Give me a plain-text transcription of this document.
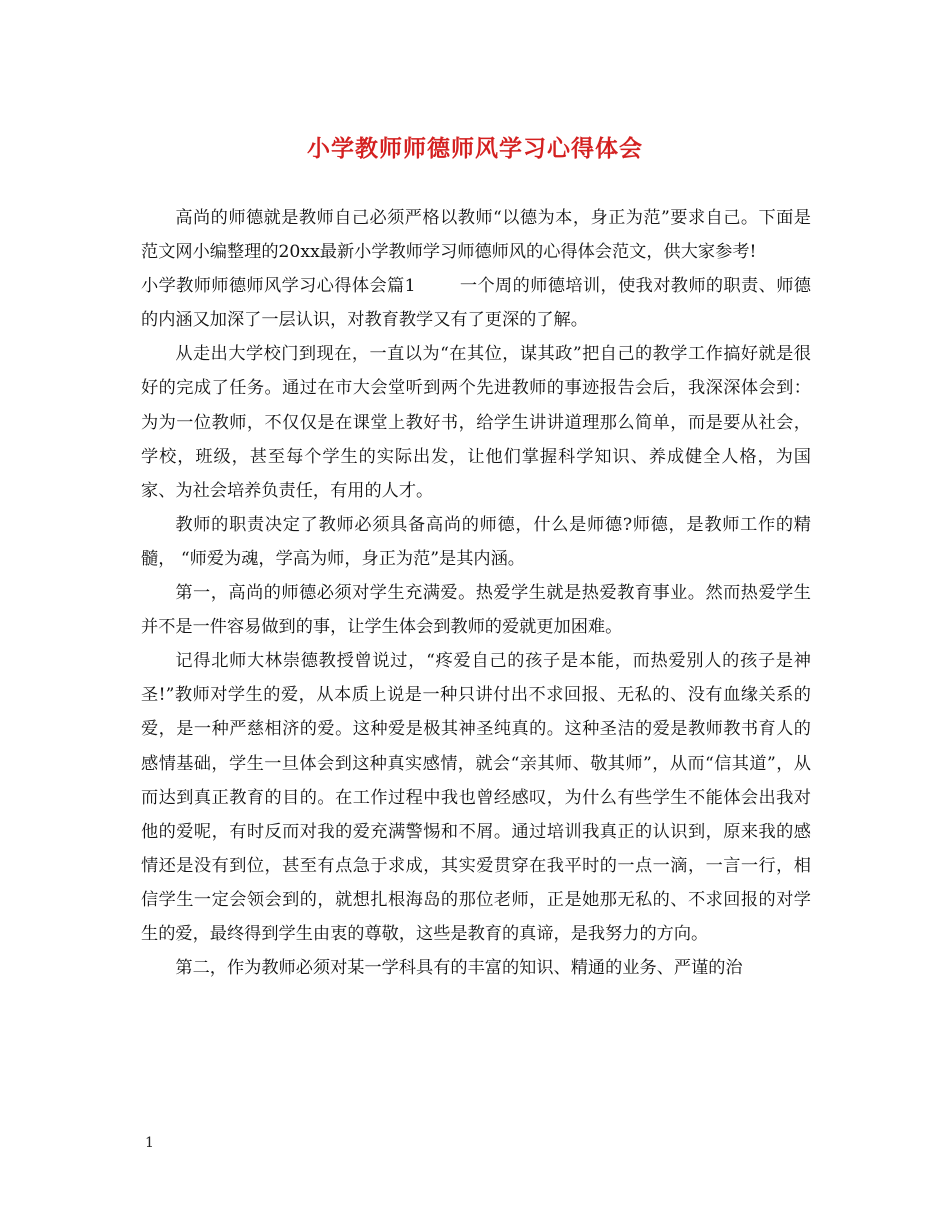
小学教师师德师风学习心得体会

高尚的师德就是教师自己必须严格以教师“以德为本，身正为范”要求自己。下面是范文网小编整理的20xx最新小学教师学习师德师风的心得体会范文，供大家参考!

小学教师师德师风学习心得体会篇1	一个周的师德培训，使我对教师的职责、师德的内涵又加深了一层认识，对教育教学又有了更深的了解。

从走出大学校门到现在，一直以为“在其位，谋其政”把自己的教学工作搞好就是很好的完成了任务。通过在市大会堂听到两个先进教师的事迹报告会后，我深深体会到：为为一位教师，不仅仅是在课堂上教好书，给学生讲讲道理那么简单，而是要从社会，学校，班级，甚至每个学生的实际出发，让他们掌握科学知识、养成健全人格，为国家、为社会培养负责任，有用的人才。

教师的职责决定了教师必须具备高尚的师德，什么是师德?师德，是教师工作的精髓， “师爱为魂，学高为师，身正为范”是其内涵。

第一，高尚的师德必须对学生充满爱。热爱学生就是热爱教育事业。然而热爱学生并不是一件容易做到的事，让学生体会到教师的爱就更加困难。

记得北师大林崇德教授曾说过，“疼爱自己的孩子是本能，而热爱别人的孩子是神圣!”教师对学生的爱，从本质上说是一种只讲付出不求回报、无私的、没有血缘关系的爱，是一种严慈相济的爱。这种爱是极其神圣纯真的。这种圣洁的爱是教师教书育人的感情基础，学生一旦体会到这种真实感情，就会“亲其师、敬其师”，从而“信其道”，从而达到真正教育的目的。在工作过程中我也曾经感叹，为什么有些学生不能体会出我对他的爱呢，有时反而对我的爱充满警惕和不屑。通过培训我真正的认识到，原来我的感情还是没有到位，甚至有点急于求成，其实爱贯穿在我平时的一点一滴，一言一行，相信学生一定会领会到的，就想扎根海岛的那位老师，正是她那无私的、不求回报的对学生的爱，最终得到学生由衷的尊敬，这些是教育的真谛，是我努力的方向。

第二，作为教师必须对某一学科具有的丰富的知识、精通的业务、严谨的治

1
